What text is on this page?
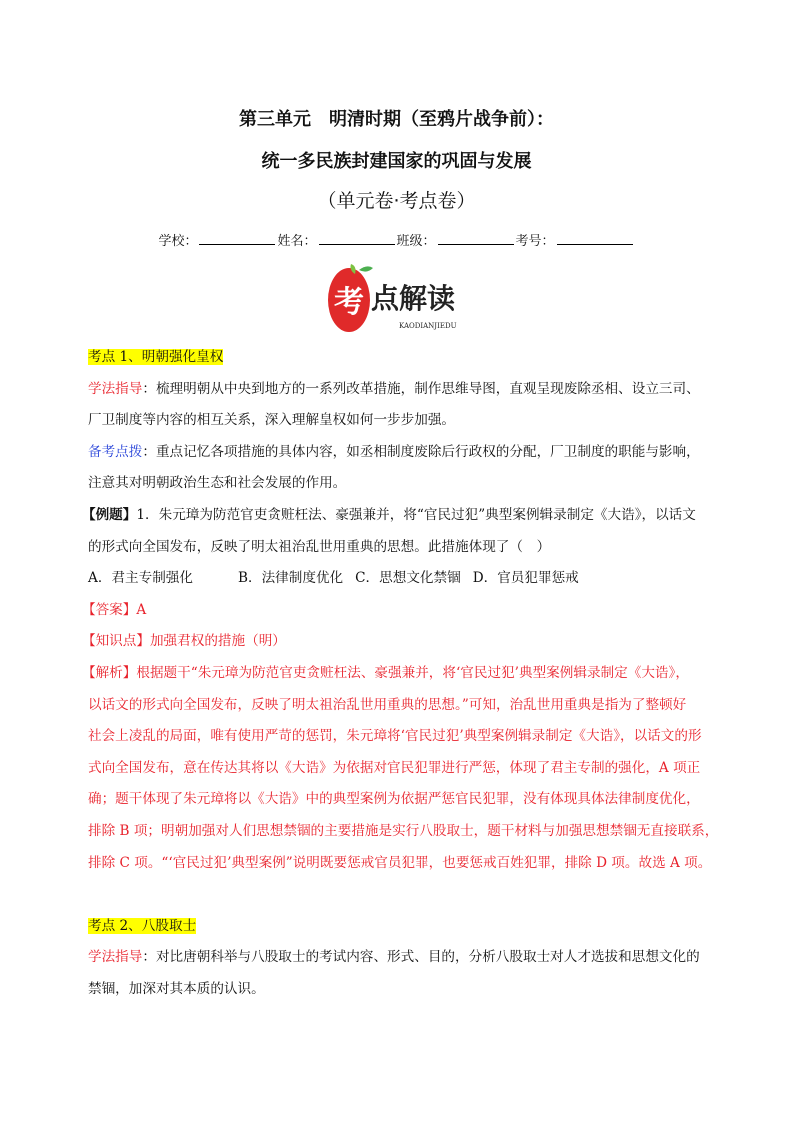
第三单元　明清时期（至鸦片战争前）：
统一多民族封建国家的巩固与发展
（单元卷·考点卷）
学校：	姓名：	班级：	考号：
考 点解读
KAODIANJIEDU
考点 1、明朝强化皇权
学法指导：梳理明朝从中央到地方的一系列改革措施，制作思维导图，直观呈现废除丞相、设立三司、
厂卫制度等内容的相互关系，深入理解皇权如何一步步加强。
备考点拨：重点记忆各项措施的具体内容，如丞相制度废除后行政权的分配，厂卫制度的职能与影响，
注意其对明朝政治生态和社会发展的作用。
【例题】1．朱元璋为防范官吏贪赃枉法、豪强兼并，将“官民过犯”典型案例辑录制定《大诰》，以话文
的形式向全国发布，反映了明太祖治乱世用重典的思想。此措施体现了（　）
A．君主专制强化	B．法律制度优化 C．思想文化禁锢 D．官员犯罪惩戒
【答案】A
【知识点】加强君权的措施（明）
【解析】根据题干“朱元璋为防范官吏贪赃枉法、豪强兼并，将‘官民过犯’典型案例辑录制定《大诰》，
以话文的形式向全国发布，反映了明太祖治乱世用重典的思想。”可知，治乱世用重典是指为了整顿好
社会上凌乱的局面，唯有使用严苛的惩罚，朱元璋将‘官民过犯’典型案例辑录制定《大诰》，以话文的形
式向全国发布，意在传达其将以《大诰》为依据对官民犯罪进行严惩，体现了君主专制的强化，A 项正
确；题干体现了朱元璋将以《大诰》中的典型案例为依据严惩官民犯罪，没有体现具体法律制度优化，
排除 B 项；明朝加强对人们思想禁锢的主要措施是实行八股取士，题干材料与加强思想禁锢无直接联系，
排除 C 项。“‘官民过犯’典型案例”说明既要惩戒官员犯罪，也要惩戒百姓犯罪，排除 D 项。故选 A 项。
考点 2、八股取士
学法指导：对比唐朝科举与八股取士的考试内容、形式、目的，分析八股取士对人才选拔和思想文化的
禁锢，加深对其本质的认识。
